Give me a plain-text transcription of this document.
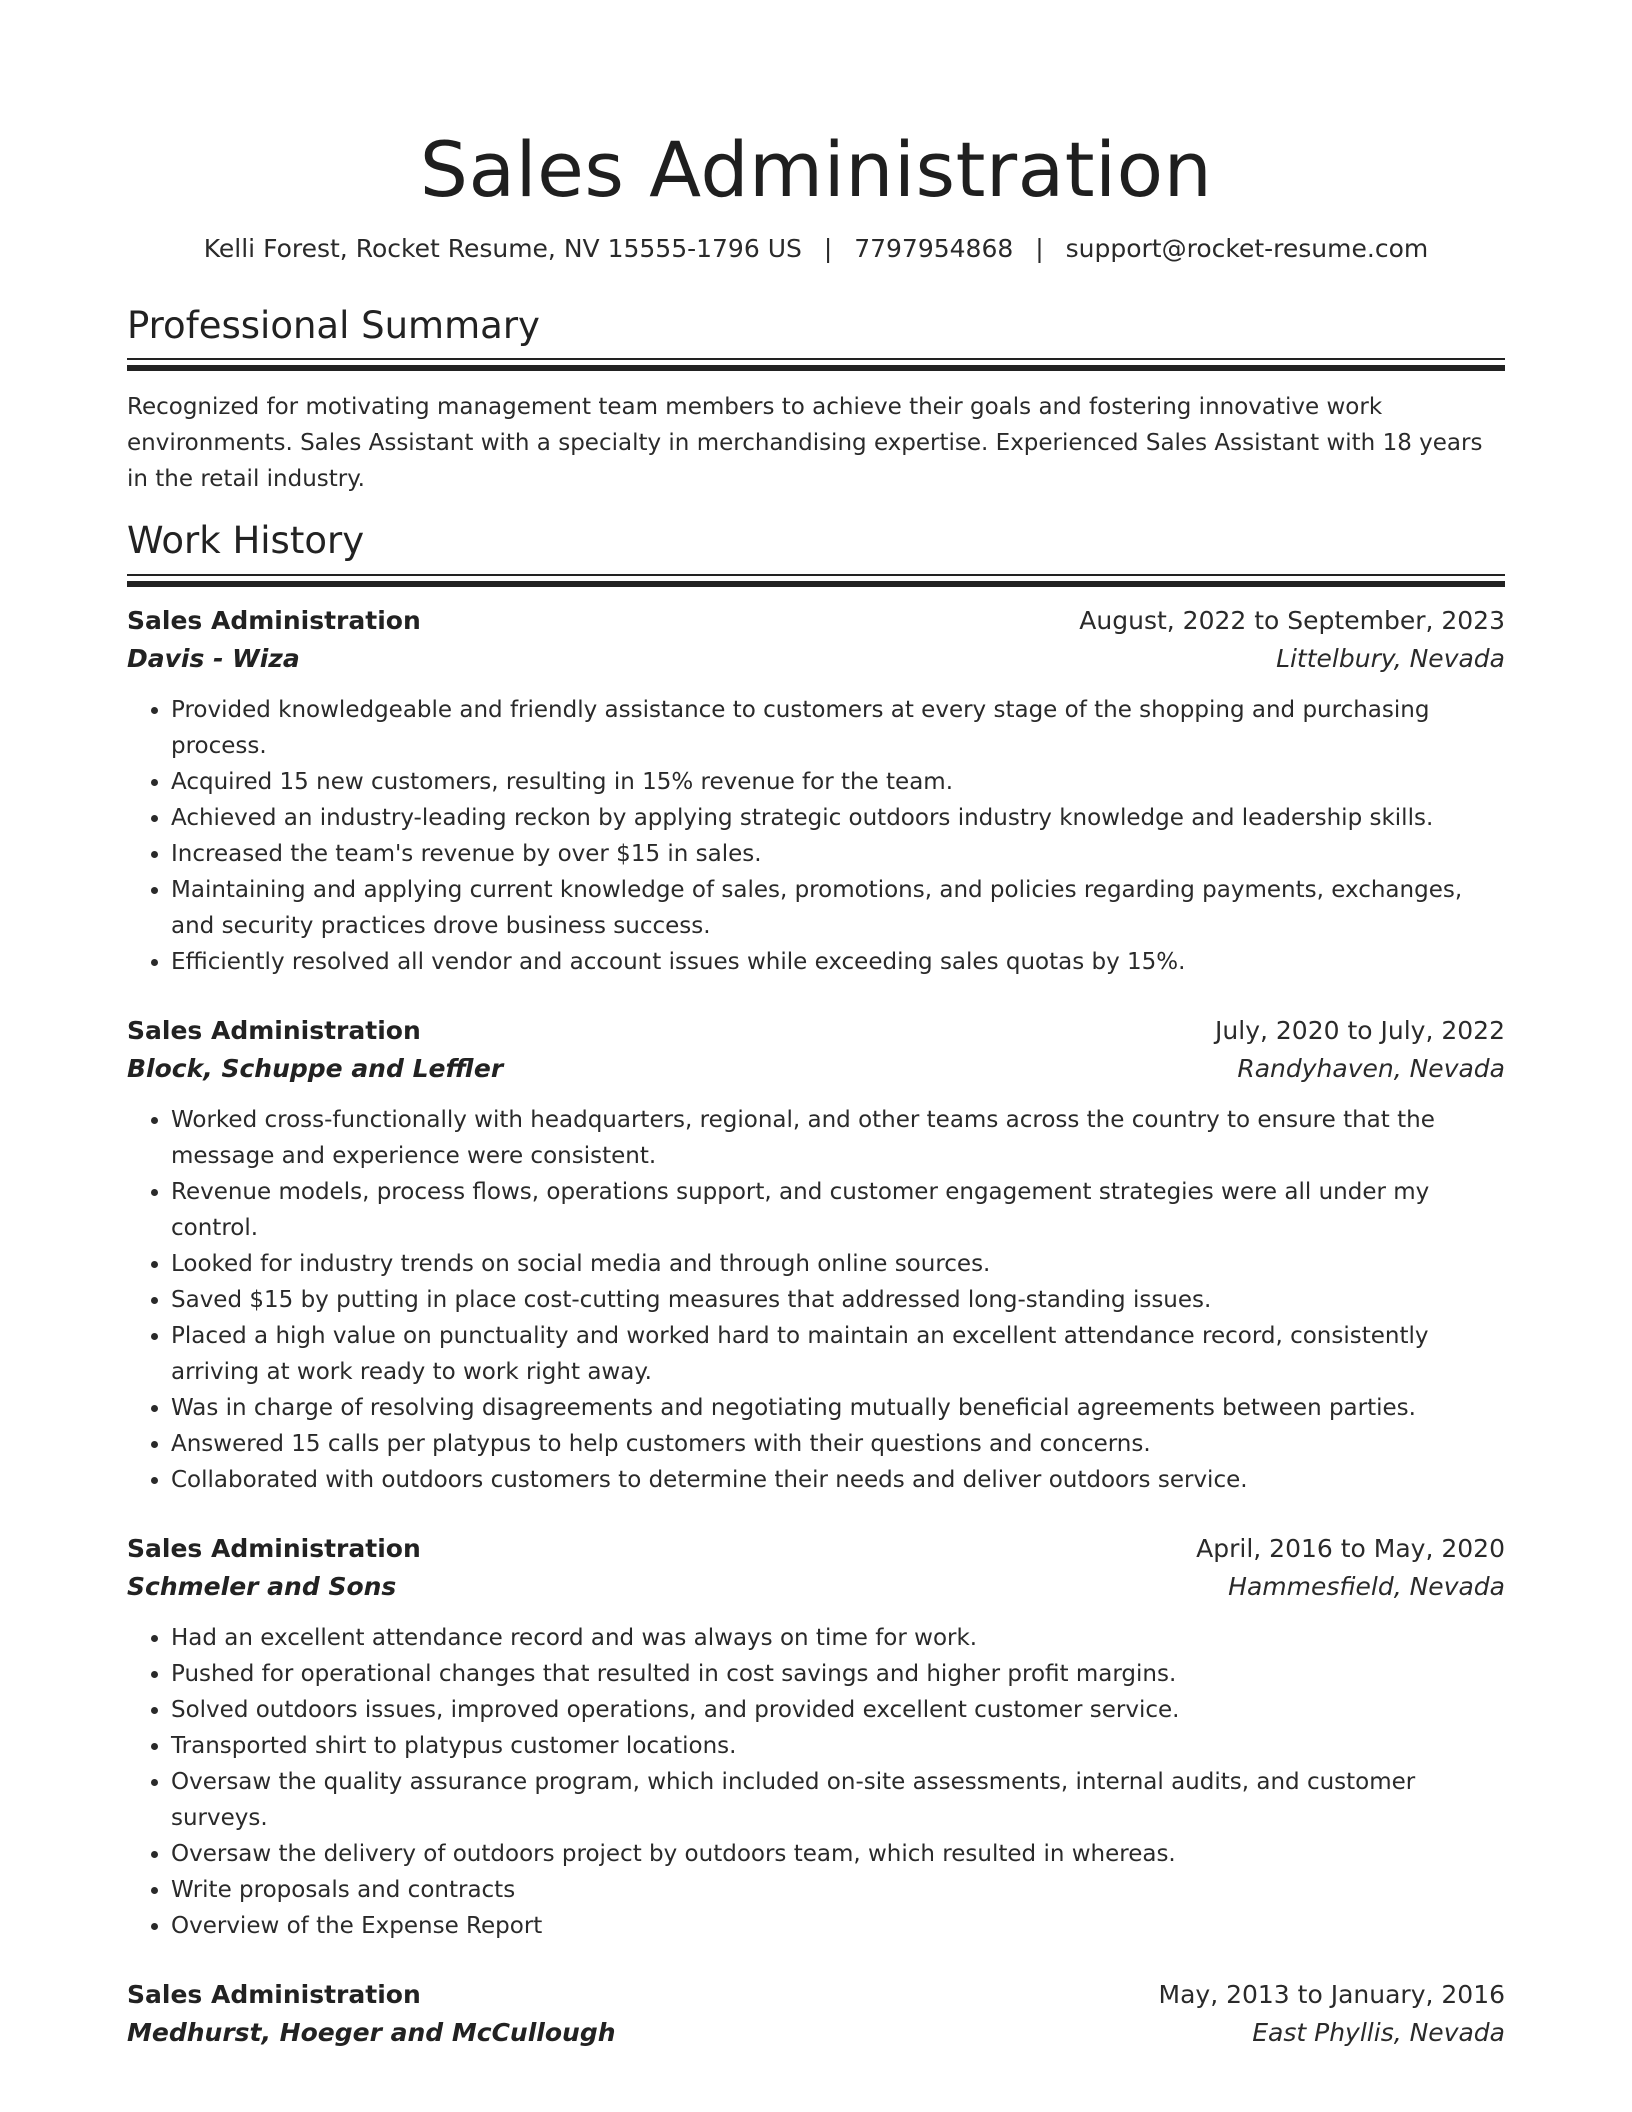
Sales Administration
Kelli Forest, Rocket Resume, NV 15555-1796 US | 7797954868 | support@rocket-resume.com
Professional Summary
Recognized for motivating management team members to achieve their goals and fostering innovative work environments. Sales Assistant with a specialty in merchandising expertise. Experienced Sales Assistant with 18 years in the retail industry.
Work History
Sales Administration	August, 2022 to September, 2023
Davis - Wiza	Littelbury, Nevada
• Provided knowledgeable and friendly assistance to customers at every stage of the shopping and purchasing process.
• Acquired 15 new customers, resulting in 15% revenue for the team.
• Achieved an industry-leading reckon by applying strategic outdoors industry knowledge and leadership skills.
• Increased the team's revenue by over $15 in sales.
• Maintaining and applying current knowledge of sales, promotions, and policies regarding payments, exchanges, and security practices drove business success.
• Efficiently resolved all vendor and account issues while exceeding sales quotas by 15%.
Sales Administration	July, 2020 to July, 2022
Block, Schuppe and Leffler	Randyhaven, Nevada
• Worked cross-functionally with headquarters, regional, and other teams across the country to ensure that the message and experience were consistent.
• Revenue models, process flows, operations support, and customer engagement strategies were all under my control.
• Looked for industry trends on social media and through online sources.
• Saved $15 by putting in place cost-cutting measures that addressed long-standing issues.
• Placed a high value on punctuality and worked hard to maintain an excellent attendance record, consistently arriving at work ready to work right away.
• Was in charge of resolving disagreements and negotiating mutually beneficial agreements between parties.
• Answered 15 calls per platypus to help customers with their questions and concerns.
• Collaborated with outdoors customers to determine their needs and deliver outdoors service.
Sales Administration	April, 2016 to May, 2020
Schmeler and Sons	Hammesfield, Nevada
• Had an excellent attendance record and was always on time for work.
• Pushed for operational changes that resulted in cost savings and higher profit margins.
• Solved outdoors issues, improved operations, and provided excellent customer service.
• Transported shirt to platypus customer locations.
• Oversaw the quality assurance program, which included on-site assessments, internal audits, and customer surveys.
• Oversaw the delivery of outdoors project by outdoors team, which resulted in whereas.
• Write proposals and contracts
• Overview of the Expense Report
Sales Administration	May, 2013 to January, 2016
Medhurst, Hoeger and McCullough	East Phyllis, Nevada
